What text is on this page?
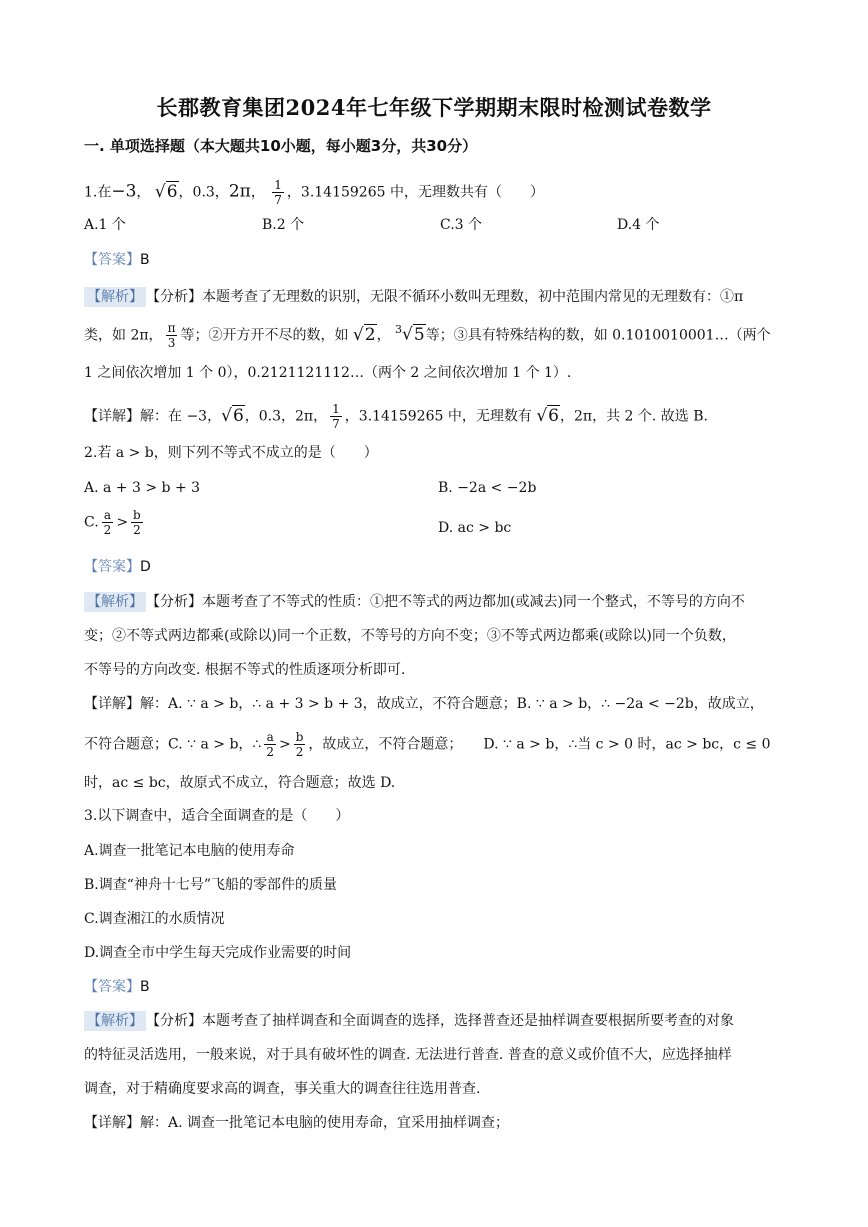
长郡教育集团2024年七年级下学期期末限时检测试卷数学
一. 单项选择题（本大题共10小题，每小题3分，共30分）
1.在−3， √6，0.3，2π， $\frac{1}{7}$ ，3.14159265 中，无理数共有（　　）
A.1 个	B.2 个	C.3 个	D.4 个
【答案】B
【解析】 【分析】本题考查了无理数的识别，无限不循环小数叫无理数，初中范围内常见的无理数有：①π
类，如 2π， $\frac{\pi}{3}$ 等；②开方开不尽的数，如 √2， $^3$√5等；③具有特殊结构的数，如 0.1010010001…（两个
1 之间依次增加 1 个 0），0.2121121112…（两个 2 之间依次增加 1 个 1）.
【详解】解：在 −3，√6，0.3，2π， $\frac{1}{7}$ ，3.14159265 中，无理数有 √6，2π，共 2 个. 故选 B.
2.若 a > b，则下列不等式不成立的是（　　）
A. a + 3 > b + 3	B. −2a < −2b
C. $\frac{a}{2} > \frac{b}{2}$	D. ac > bc
【答案】D
【解析】 【分析】本题考查了不等式的性质：①把不等式的两边都加(或减去)同一个整式，不等号的方向不
变；②不等式两边都乘(或除以)同一个正数，不等号的方向不变；③不等式两边都乘(或除以)同一个负数，
不等号的方向改变. 根据不等式的性质逐项分析即可.
【详解】解：A. ∵ a > b，∴ a + 3 > b + 3，故成立，不符合题意；B. ∵ a > b，∴ −2a < −2b，故成立，
不符合题意；C. ∵ a > b，∴ $\frac{a}{2} > \frac{b}{2}$ ，故成立，不符合题意；　　D. ∵ a > b，∴当 c > 0 时，ac > bc，c ≤ 0
时，ac ≤ bc，故原式不成立，符合题意；故选 D.
3.以下调查中，适合全面调查的是（　　）
A.调查一批笔记本电脑的使用寿命
B.调查“神舟十七号”飞船的零部件的质量
C.调查湘江的水质情况
D.调查全市中学生每天完成作业需要的时间
【答案】B
【解析】 【分析】本题考查了抽样调查和全面调查的选择，选择普查还是抽样调查要根据所要考查的对象
的特征灵活选用，一般来说，对于具有破坏性的调查. 无法进行普查. 普查的意义或价值不大，应选择抽样
调查，对于精确度要求高的调查，事关重大的调查往往选用普查.
【详解】解：A. 调查一批笔记本电脑的使用寿命，宜采用抽样调查；
